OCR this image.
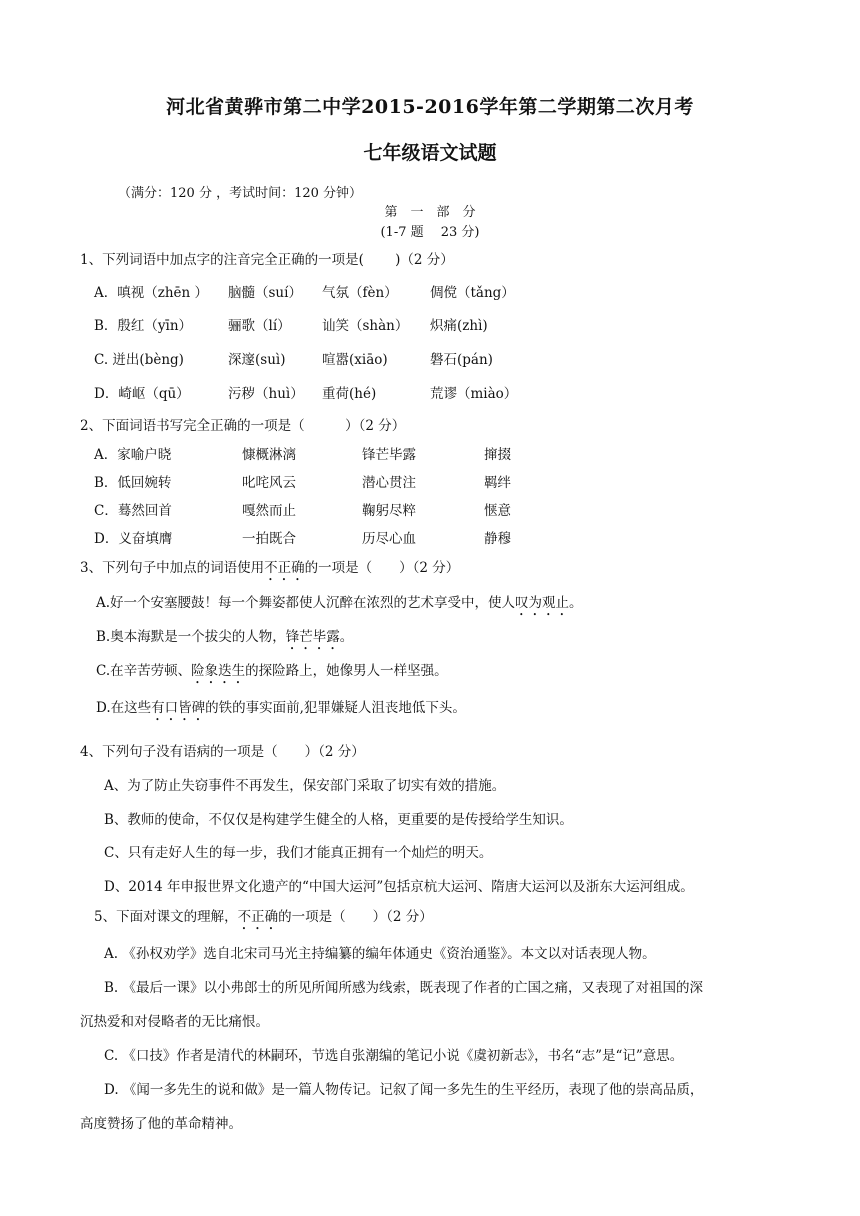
河北省黄骅市第二中学2015-2016学年第二学期第二次月考
七年级语文试题
（满分：120 分 ，考试时间：120 分钟）
第　一　部　分
(1-7 题　 23 分)
1、下列词语中加点字的注音完全正确的一项是(　　 )（2 分）
A．嗔视（zhēn ） 脑髓（suí） 气氛（fèn） 倜傥（tǎng）
B．殷红（yīn）	骊歌（lí） 讪笑（shàn） 炽痛(zhì)
C. 迸出(bèng)	深邃(suì)	喧嚣(xiāo)	磐石(pán)
D．崎岖（qū）	污秽（huì） 重荷(hé)	荒谬（miào）
2、下面词语书写完全正确的一项是（　　　）（2 分）
A．家喻户晓	慷概淋漓	锋芒毕露	撺掇
B．低回婉转	叱咤风云	潜心贯注	羁绊
C．蓦然回首	嘎然而止	鞠躬尽粹	惬意
D．义奋填膺	一拍既合	历尽心血	静穆
3、下列句子中加点的词语使用不正确的一项是（　　）（2 分）
A.好一个安塞腰鼓！每一个舞姿都使人沉醉在浓烈的艺术享受中，使人叹为观止。
B.奥本海默是一个拔尖的人物，锋芒毕露。
C.在辛苦劳顿、险象迭生的探险路上，她像男人一样坚强。
D.在这些有口皆碑的铁的事实面前,犯罪嫌疑人沮丧地低下头。
4、下列句子没有语病的一项是（　　）（2 分）
A、为了防止失窃事件不再发生，保安部门采取了切实有效的措施。
B、教师的使命，不仅仅是构建学生健全的人格，更重要的是传授给学生知识。
C、只有走好人生的每一步，我们才能真正拥有一个灿烂的明天。
D、2014 年申报世界文化遗产的“中国大运河”包括京杭大运河、隋唐大运河以及浙东大运河组成。
5、下面对课文的理解，不正确的一项是（　　）（2 分）
A. 《孙权劝学》选自北宋司马光主持编纂的编年体通史《资治通鉴》。本文以对话表现人物。
B. 《最后一课》以小弗郎士的所见所闻所感为线索，既表现了作者的亡国之痛，又表现了对祖国的深
沉热爱和对侵略者的无比痛恨。
C. 《口技》作者是清代的林嗣环，节选自张潮编的笔记小说《虞初新志》，书名“志”是“记”意思。
D. 《闻一多先生的说和做》是一篇人物传记。记叙了闻一多先生的生平经历，表现了他的崇高品质，
高度赞扬了他的革命精神。
